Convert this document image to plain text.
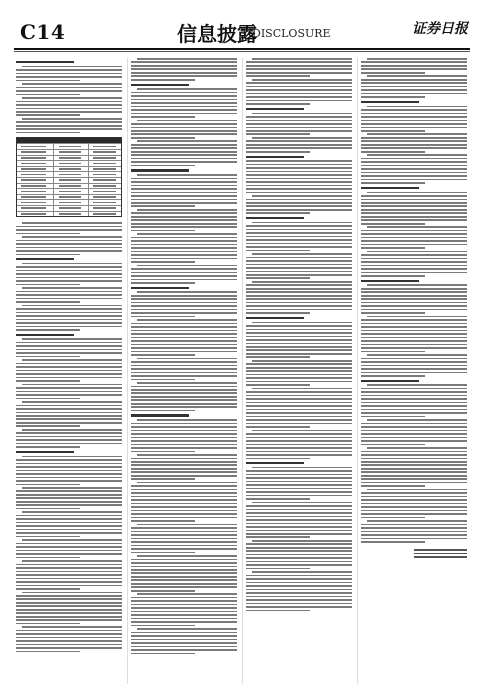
C14	信息披露
DISCLOSURE	证券日报
